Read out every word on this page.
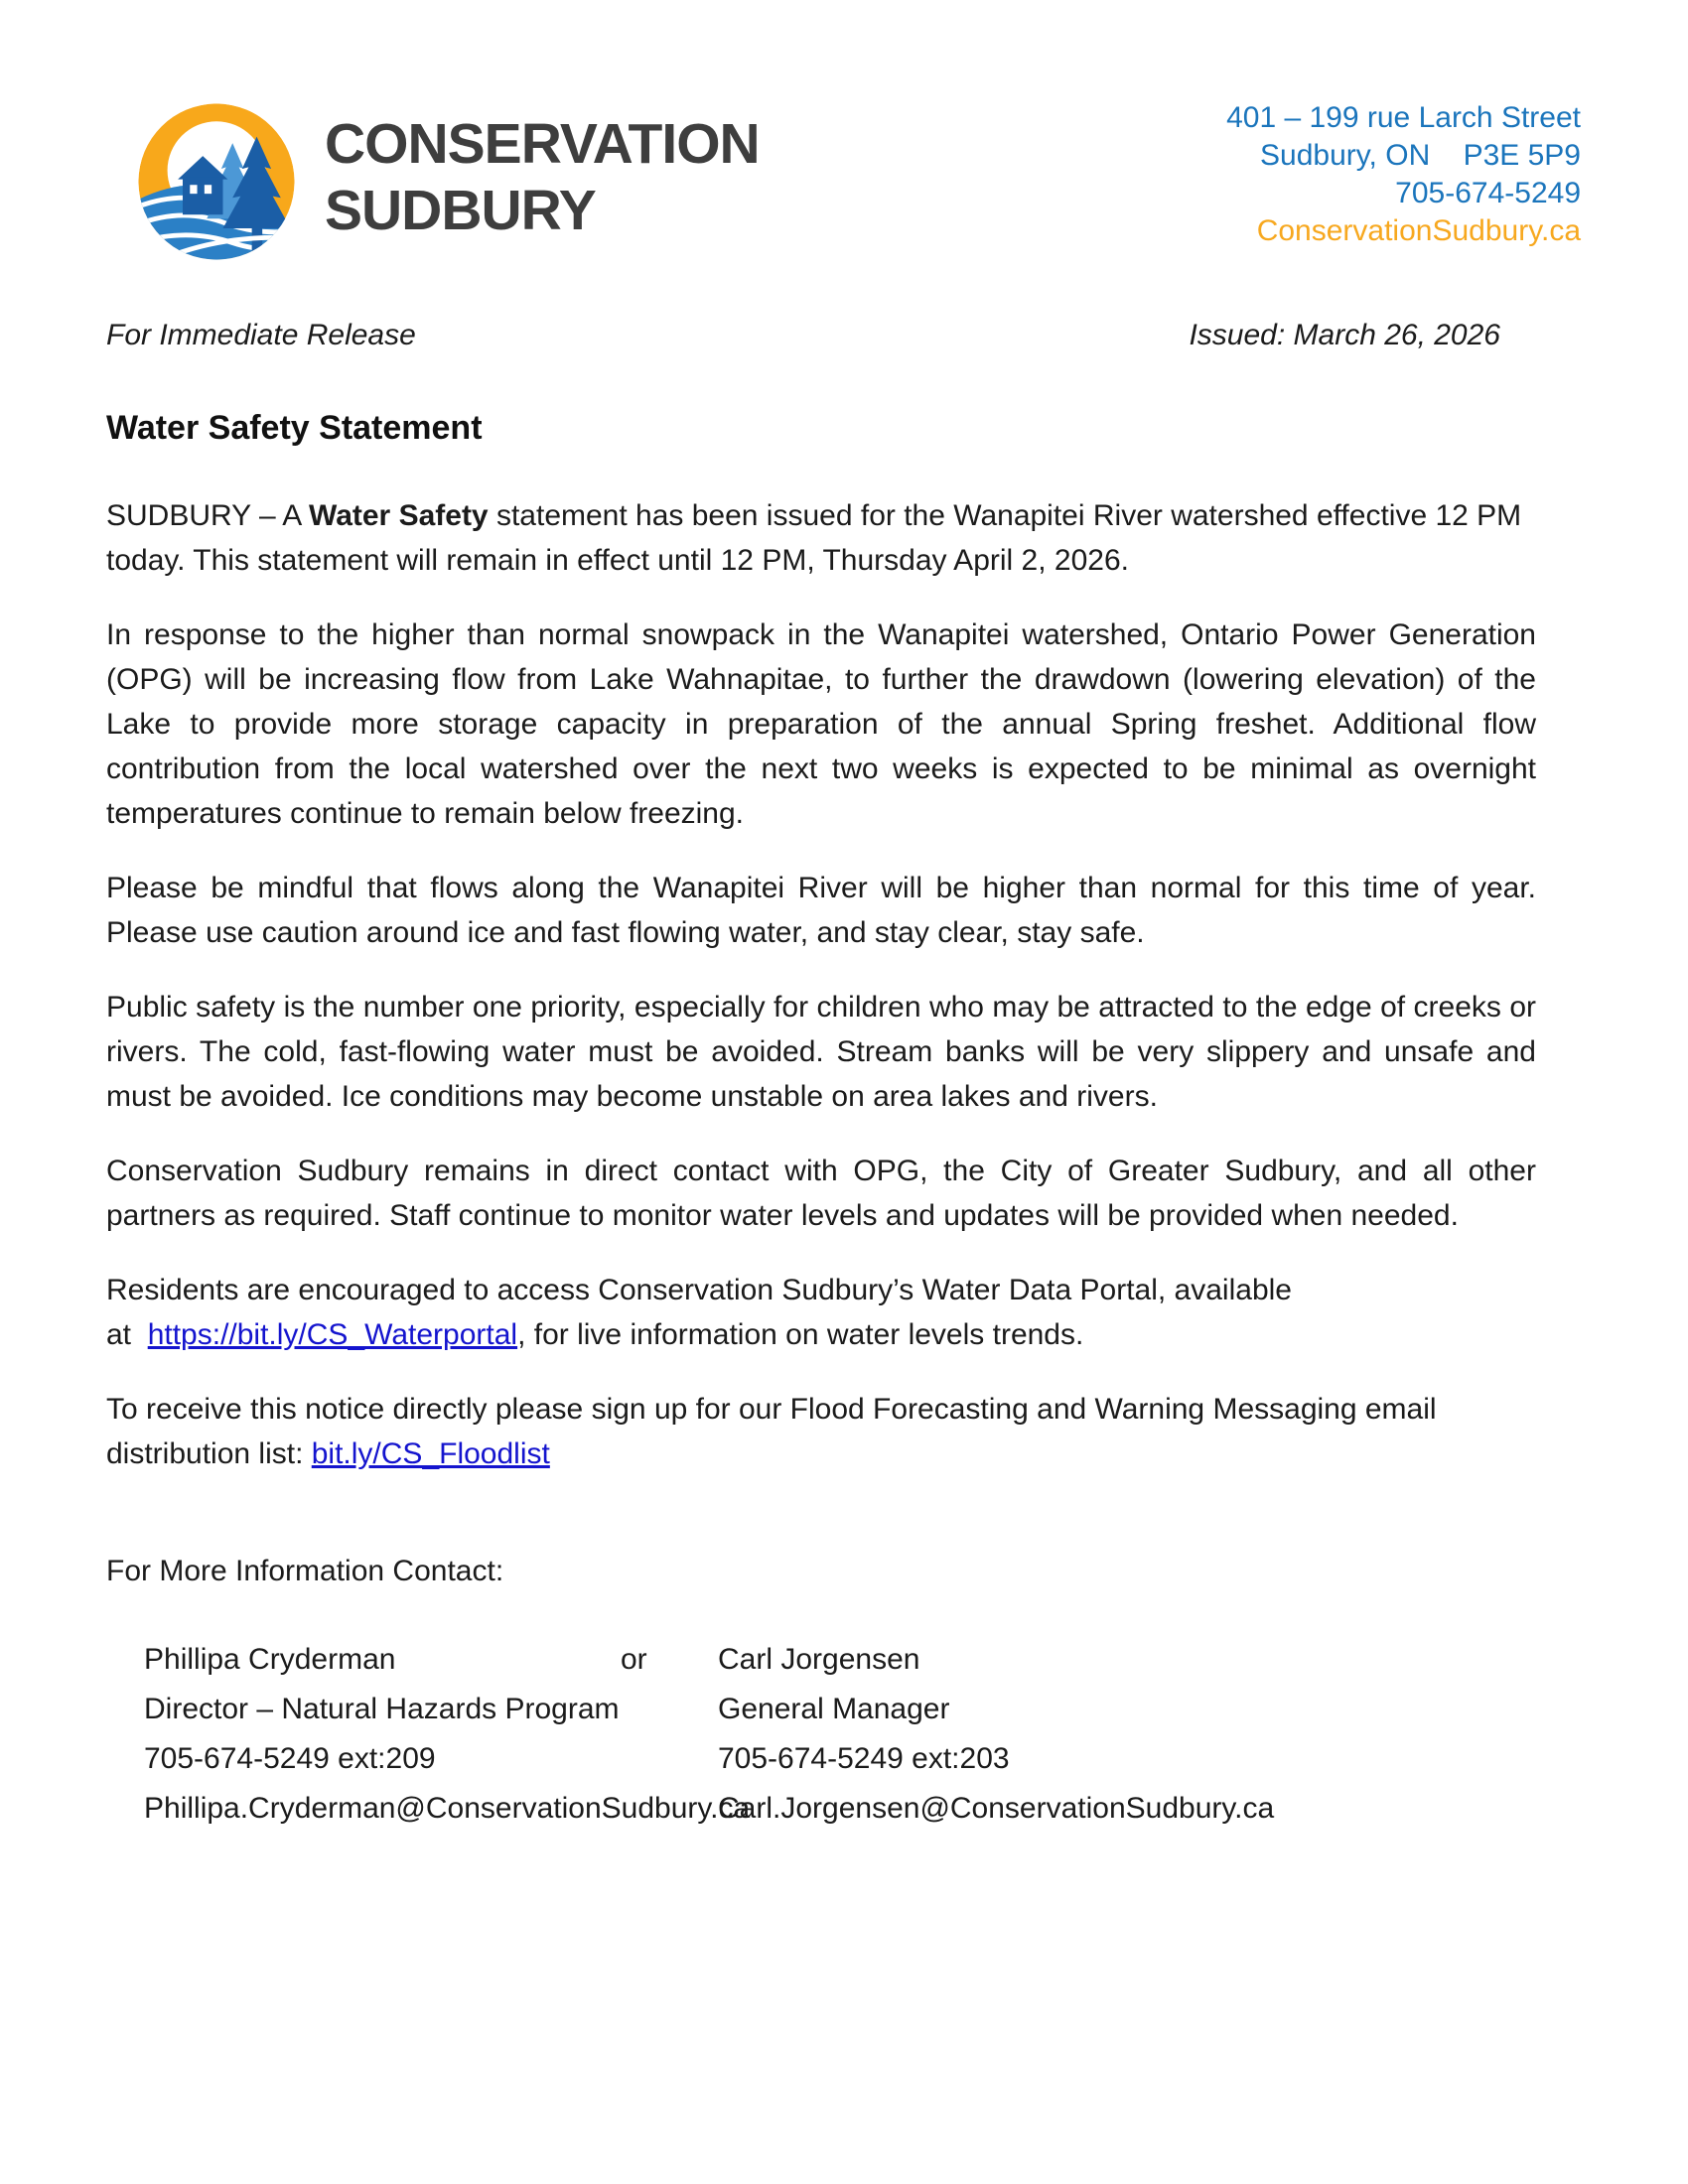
CONSERVATION
SUDBURY
401 – 199 rue Larch Street
Sudbury, ON    P3E 5P9
705-674-5249
ConservationSudbury.ca
For Immediate Release	Issued: March 26, 2026
Water Safety Statement

SUDBURY – A Water Safety statement has been issued for the Wanapitei River watershed effective 12 PM today. This statement will remain in effect until 12 PM, Thursday April 2, 2026.

In response to the higher than normal snowpack in the Wanapitei watershed, Ontario Power Generation (OPG) will be increasing flow from Lake Wahnapitae, to further the drawdown (lowering elevation) of the Lake to provide more storage capacity in preparation of the annual Spring freshet. Additional flow contribution from the local watershed over the next two weeks is expected to be minimal as overnight temperatures continue to remain below freezing.

Please be mindful that flows along the Wanapitei River will be higher than normal for this time of year. Please use caution around ice and fast flowing water, and stay clear, stay safe.

Public safety is the number one priority, especially for children who may be attracted to the edge of creeks or rivers. The cold, fast-flowing water must be avoided. Stream banks will be very slippery and unsafe and must be avoided. Ice conditions may become unstable on area lakes and rivers.

Conservation Sudbury remains in direct contact with OPG, the City of Greater Sudbury, and all other partners as required. Staff continue to monitor water levels and updates will be provided when needed.

Residents are encouraged to access Conservation Sudbury’s Water Data Portal, available
at  https://bit.ly/CS_Waterportal, for live information on water levels trends.

To receive this notice directly please sign up for our Flood Forecasting and Warning Messaging email distribution list: bit.ly/CS_Floodlist

For More Information Contact:

Phillipa Cryderman
Director – Natural Hazards Program
705-674-5249 ext:209
Phillipa.Cryderman@ConservationSudbury.ca
or	Carl Jorgensen
General Manager
705-674-5249 ext:203
Carl.Jorgensen@ConservationSudbury.ca
